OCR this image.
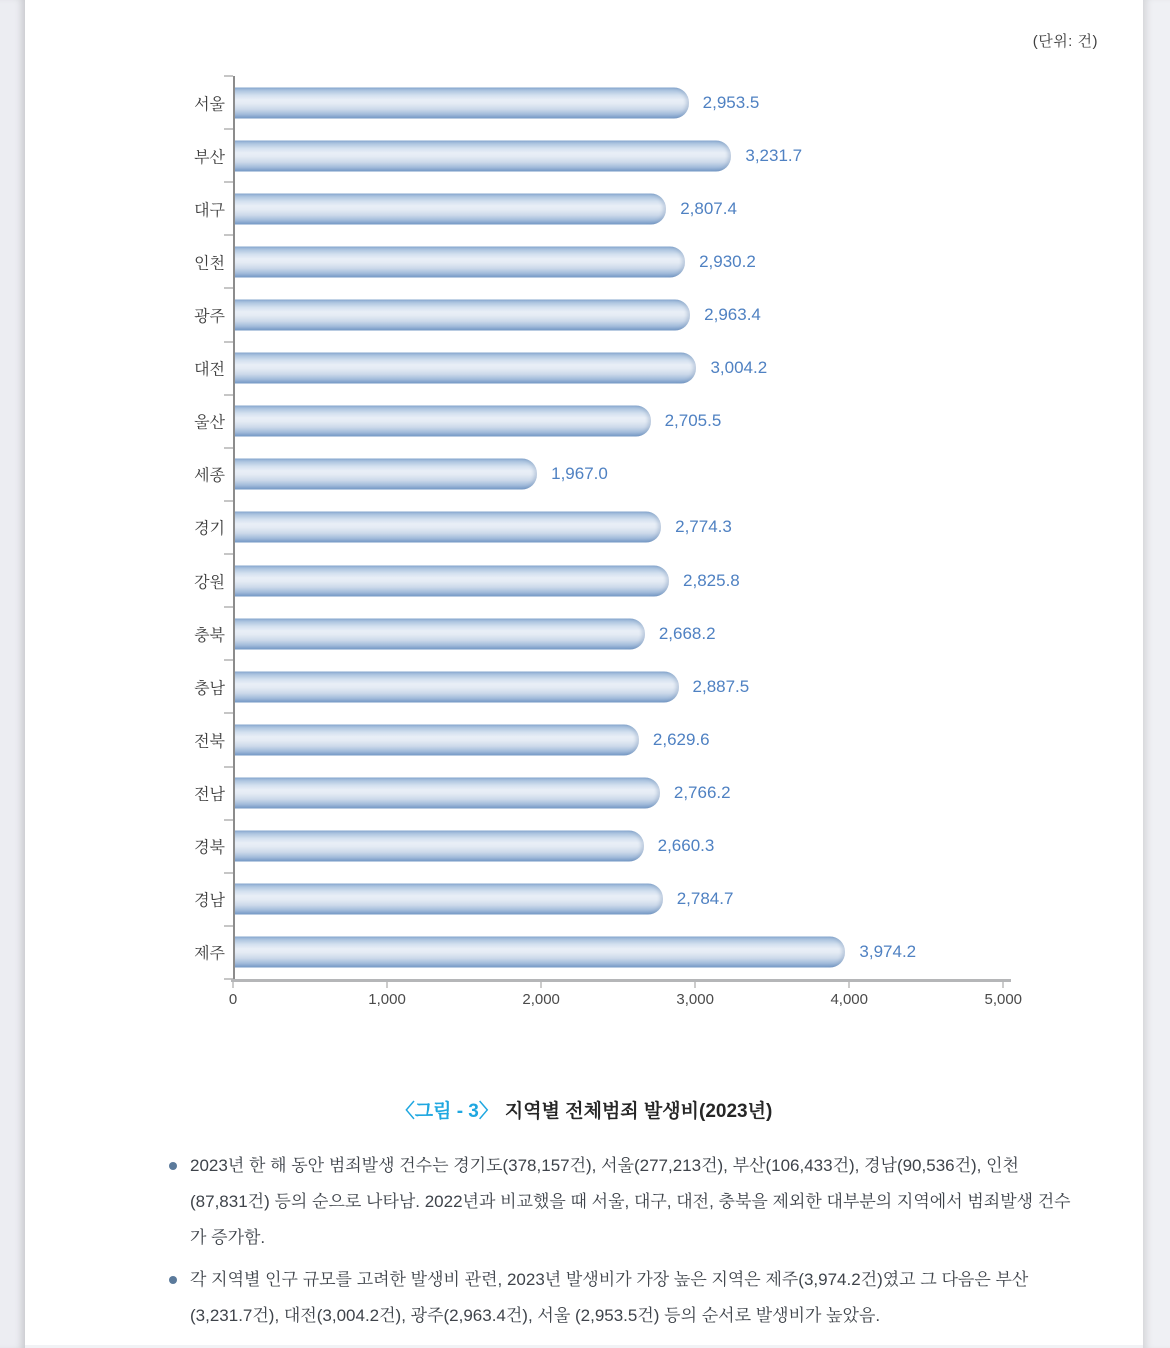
(단위: 건)
서울	2,953.5
부산	3,231.7
대구	2,807.4
인천	2,930.2
광주	2,963.4
대전	3,004.2
울산	2,705.5
세종	1,967.0
경기	2,774.3
강원	2,825.8
충북	2,668.2
충남	2,887.5
전북	2,629.6
전남	2,766.2
경북	2,660.3
경남	2,784.7
제주	3,974.2
0	1,000	2,000	3,000	4,000	5,000
〈그림 - 3〉 지역별 전체범죄 발생비(2023년)
2023년 한 해 동안 범죄발생 건수는 경기도(378,157건), 서울(277,213건), 부산(106,433건), 경남(90,536건), 인천(87,831건) 등의 순으로 나타남. 2022년과 비교했을 때 서울, 대구, 대전, 충북을 제외한 대부분의 지역에서 범죄발생 건수가 증가함.
각 지역별 인구 규모를 고려한 발생비 관련, 2023년 발생비가 가장 높은 지역은 제주(3,974.2건)였고 그 다음은 부산(3,231.7건), 대전(3,004.2건), 광주(2,963.4건), 서울 (2,953.5건) 등의 순서로 발생비가 높았음.
